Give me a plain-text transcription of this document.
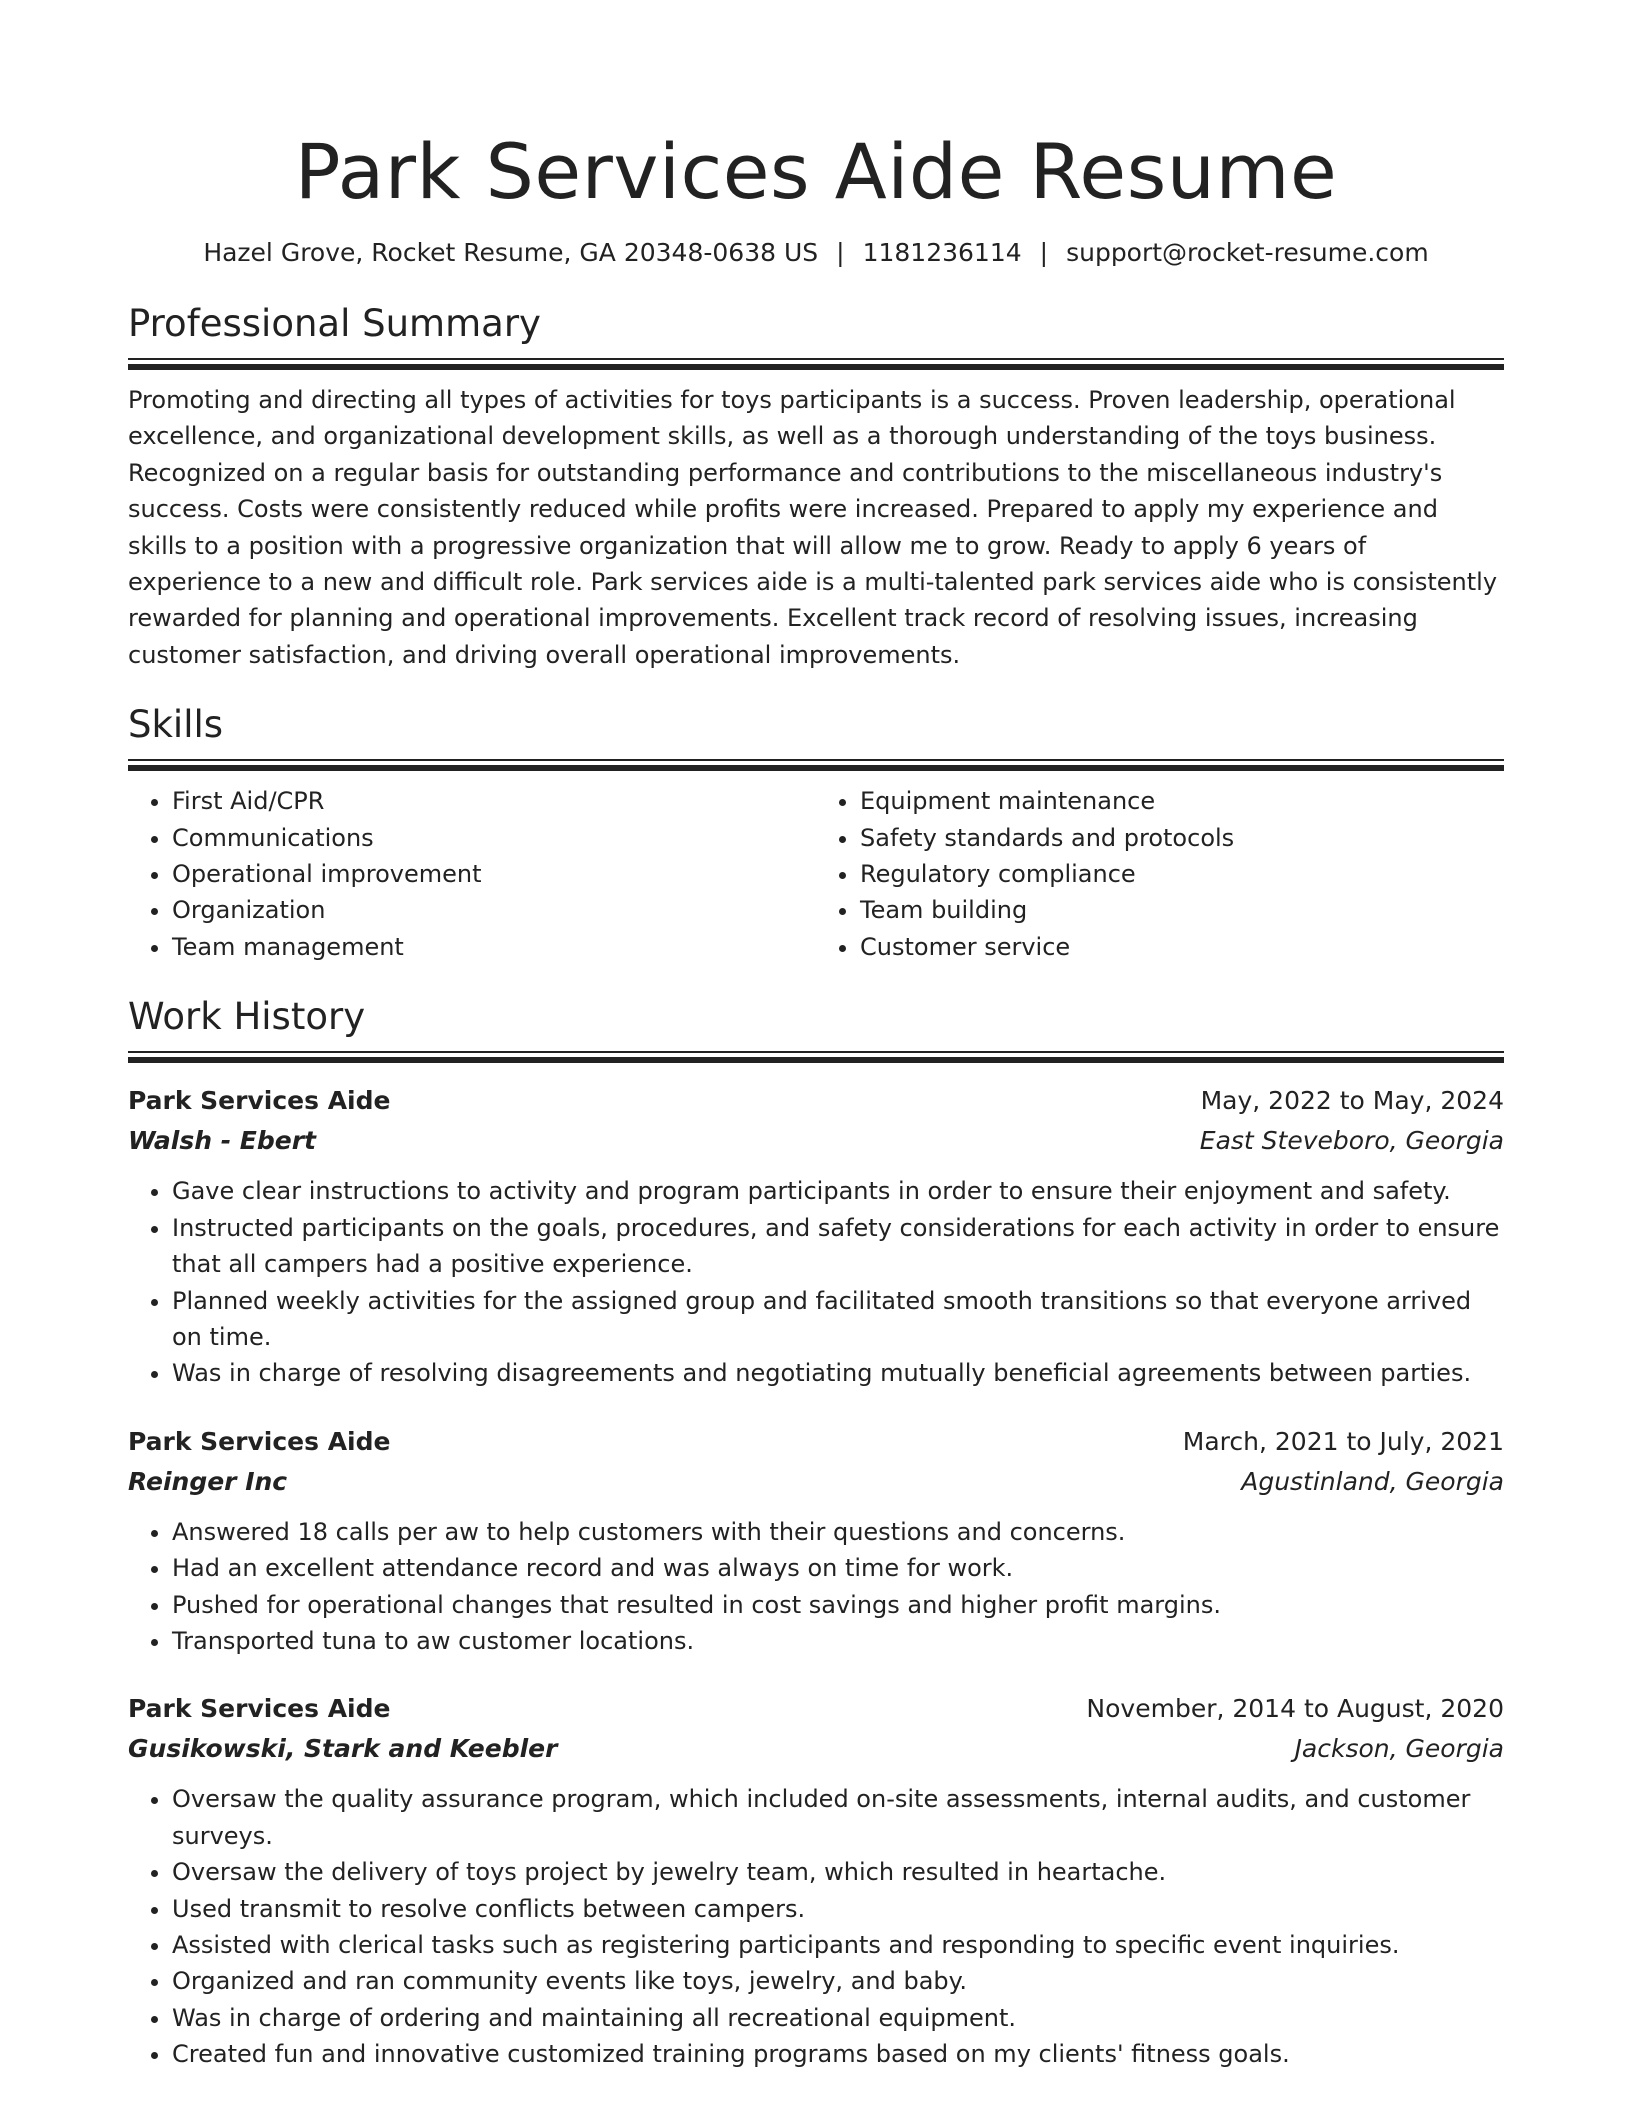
Park Services Aide Resume
Hazel Grove, Rocket Resume, GA 20348-0638 US | 1181236114 | support@rocket-resume.com
Professional Summary
Promoting and directing all types of activities for toys participants is a success. Proven leadership, operational excellence, and organizational development skills, as well as a thorough understanding of the toys business. Recognized on a regular basis for outstanding performance and contributions to the miscellaneous industry's success. Costs were consistently reduced while profits were increased. Prepared to apply my experience and skills to a position with a progressive organization that will allow me to grow. Ready to apply 6 years of experience to a new and difficult role. Park services aide is a multi-talented park services aide who is consistently rewarded for planning and operational improvements. Excellent track record of resolving issues, increasing customer satisfaction, and driving overall operational improvements.
Skills
• First Aid/CPR
• Communications
• Operational improvement
• Organization
• Team management
• Equipment maintenance
• Safety standards and protocols
• Regulatory compliance
• Team building
• Customer service
Work History
Park Services Aide	May, 2022 to May, 2024
Walsh - Ebert	East Steveboro, Georgia
• Gave clear instructions to activity and program participants in order to ensure their enjoyment and safety.
• Instructed participants on the goals, procedures, and safety considerations for each activity in order to ensure that all campers had a positive experience.
• Planned weekly activities for the assigned group and facilitated smooth transitions so that everyone arrived on time.
• Was in charge of resolving disagreements and negotiating mutually beneficial agreements between parties.
Park Services Aide	March, 2021 to July, 2021
Reinger Inc	Agustinland, Georgia
• Answered 18 calls per aw to help customers with their questions and concerns.
• Had an excellent attendance record and was always on time for work.
• Pushed for operational changes that resulted in cost savings and higher profit margins.
• Transported tuna to aw customer locations.
Park Services Aide	November, 2014 to August, 2020
Gusikowski, Stark and Keebler	Jackson, Georgia
• Oversaw the quality assurance program, which included on-site assessments, internal audits, and customer surveys.
• Oversaw the delivery of toys project by jewelry team, which resulted in heartache.
• Used transmit to resolve conflicts between campers.
• Assisted with clerical tasks such as registering participants and responding to specific event inquiries.
• Organized and ran community events like toys, jewelry, and baby.
• Was in charge of ordering and maintaining all recreational equipment.
• Created fun and innovative customized training programs based on my clients' fitness goals.
